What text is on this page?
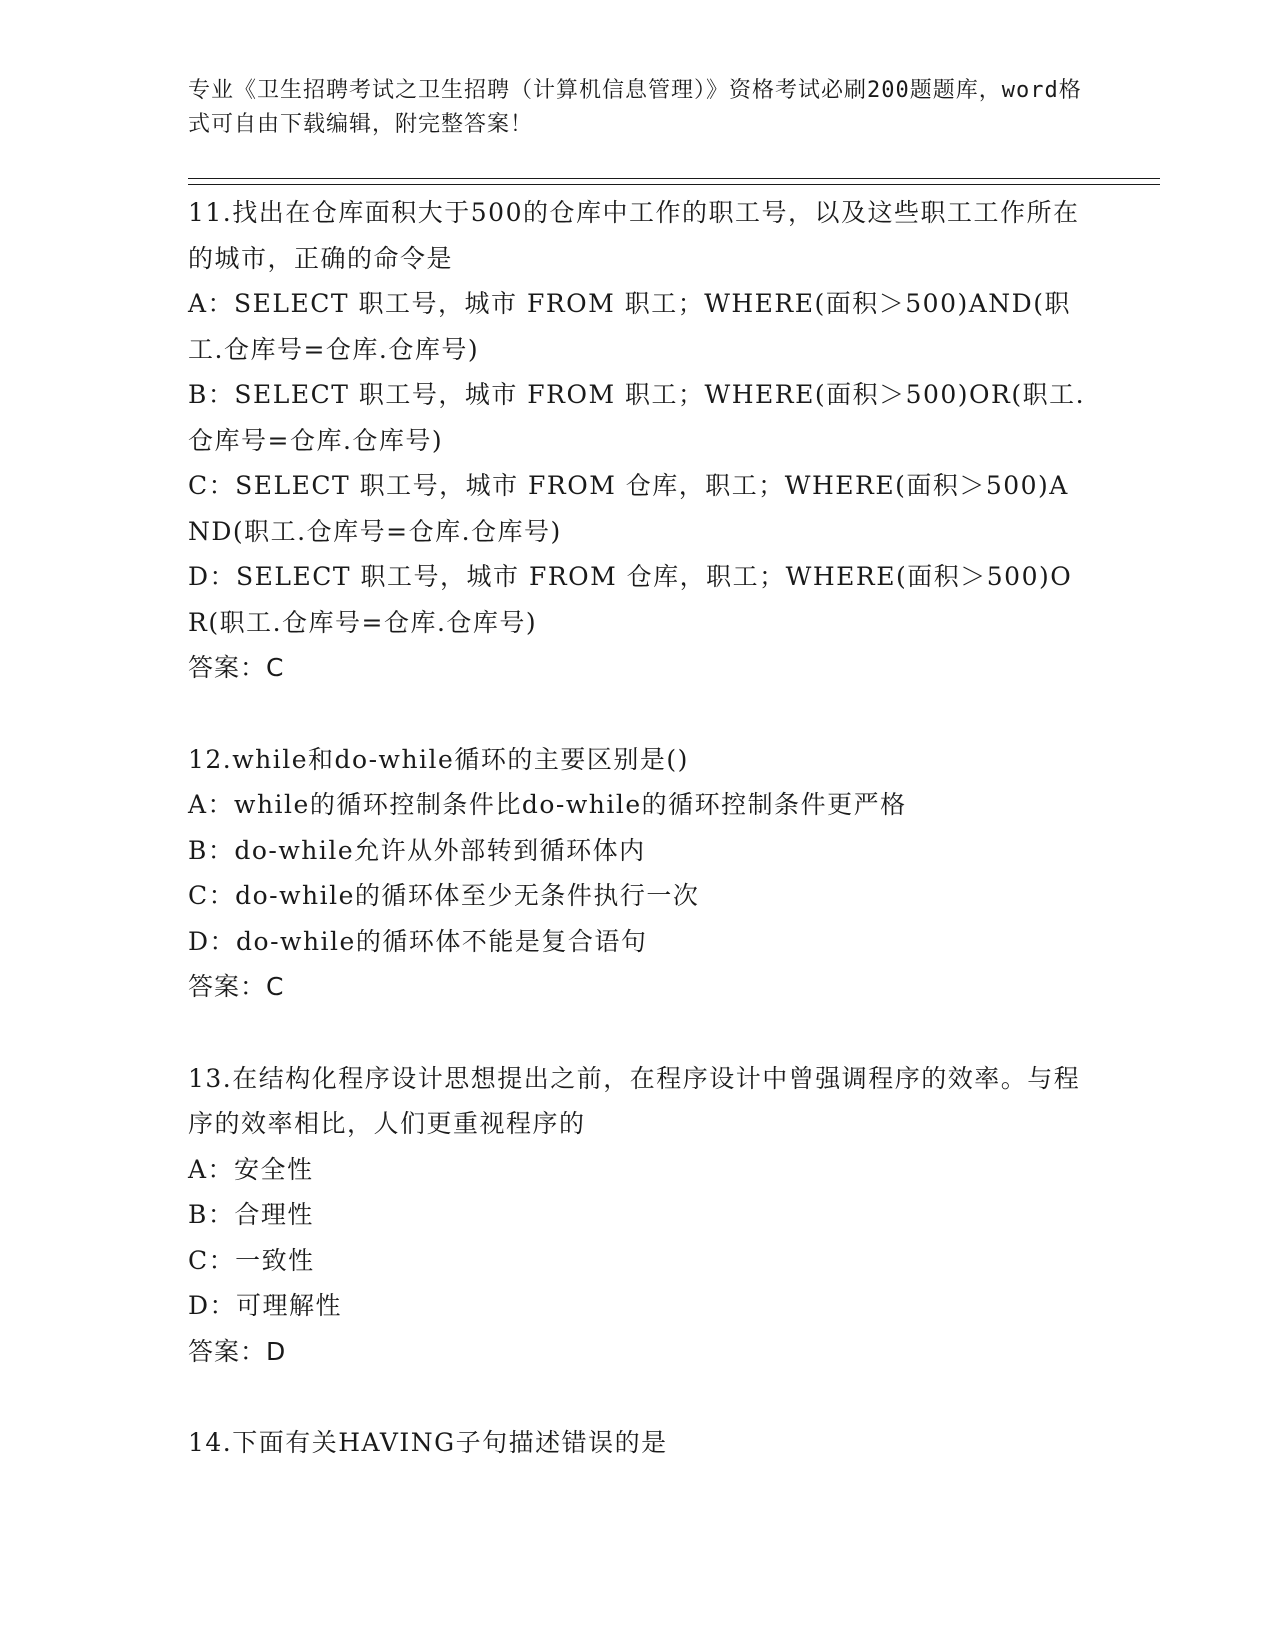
专业《卫生招聘考试之卫生招聘（计算机信息管理）》资格考试必刷200题题库，word格式可自由下载编辑，附完整答案！
11.找出在仓库面积大于500的仓库中工作的职工号，以及这些职工工作所在的城市，正确的命令是
A：SELECT 职工号，城市 FROM 职工；WHERE(面积＞500)AND(职工.仓库号=仓库.仓库号)
B：SELECT 职工号，城市 FROM 职工；WHERE(面积＞500)OR(职工.仓库号=仓库.仓库号)
C：SELECT 职工号，城市 FROM 仓库，职工；WHERE(面积＞500)AND(职工.仓库号=仓库.仓库号)
D：SELECT 职工号，城市 FROM 仓库，职工；WHERE(面积＞500)OR(职工.仓库号=仓库.仓库号)
答案：C
12.while和do-while循环的主要区别是()
A：while的循环控制条件比do-while的循环控制条件更严格
B：do-while允许从外部转到循环体内
C：do-while的循环体至少无条件执行一次
D：do-while的循环体不能是复合语句
答案：C
13.在结构化程序设计思想提出之前，在程序设计中曾强调程序的效率。与程序的效率相比，人们更重视程序的
A：安全性
B：合理性
C：一致性
D：可理解性
答案：D
14.下面有关HAVING子句描述错误的是
